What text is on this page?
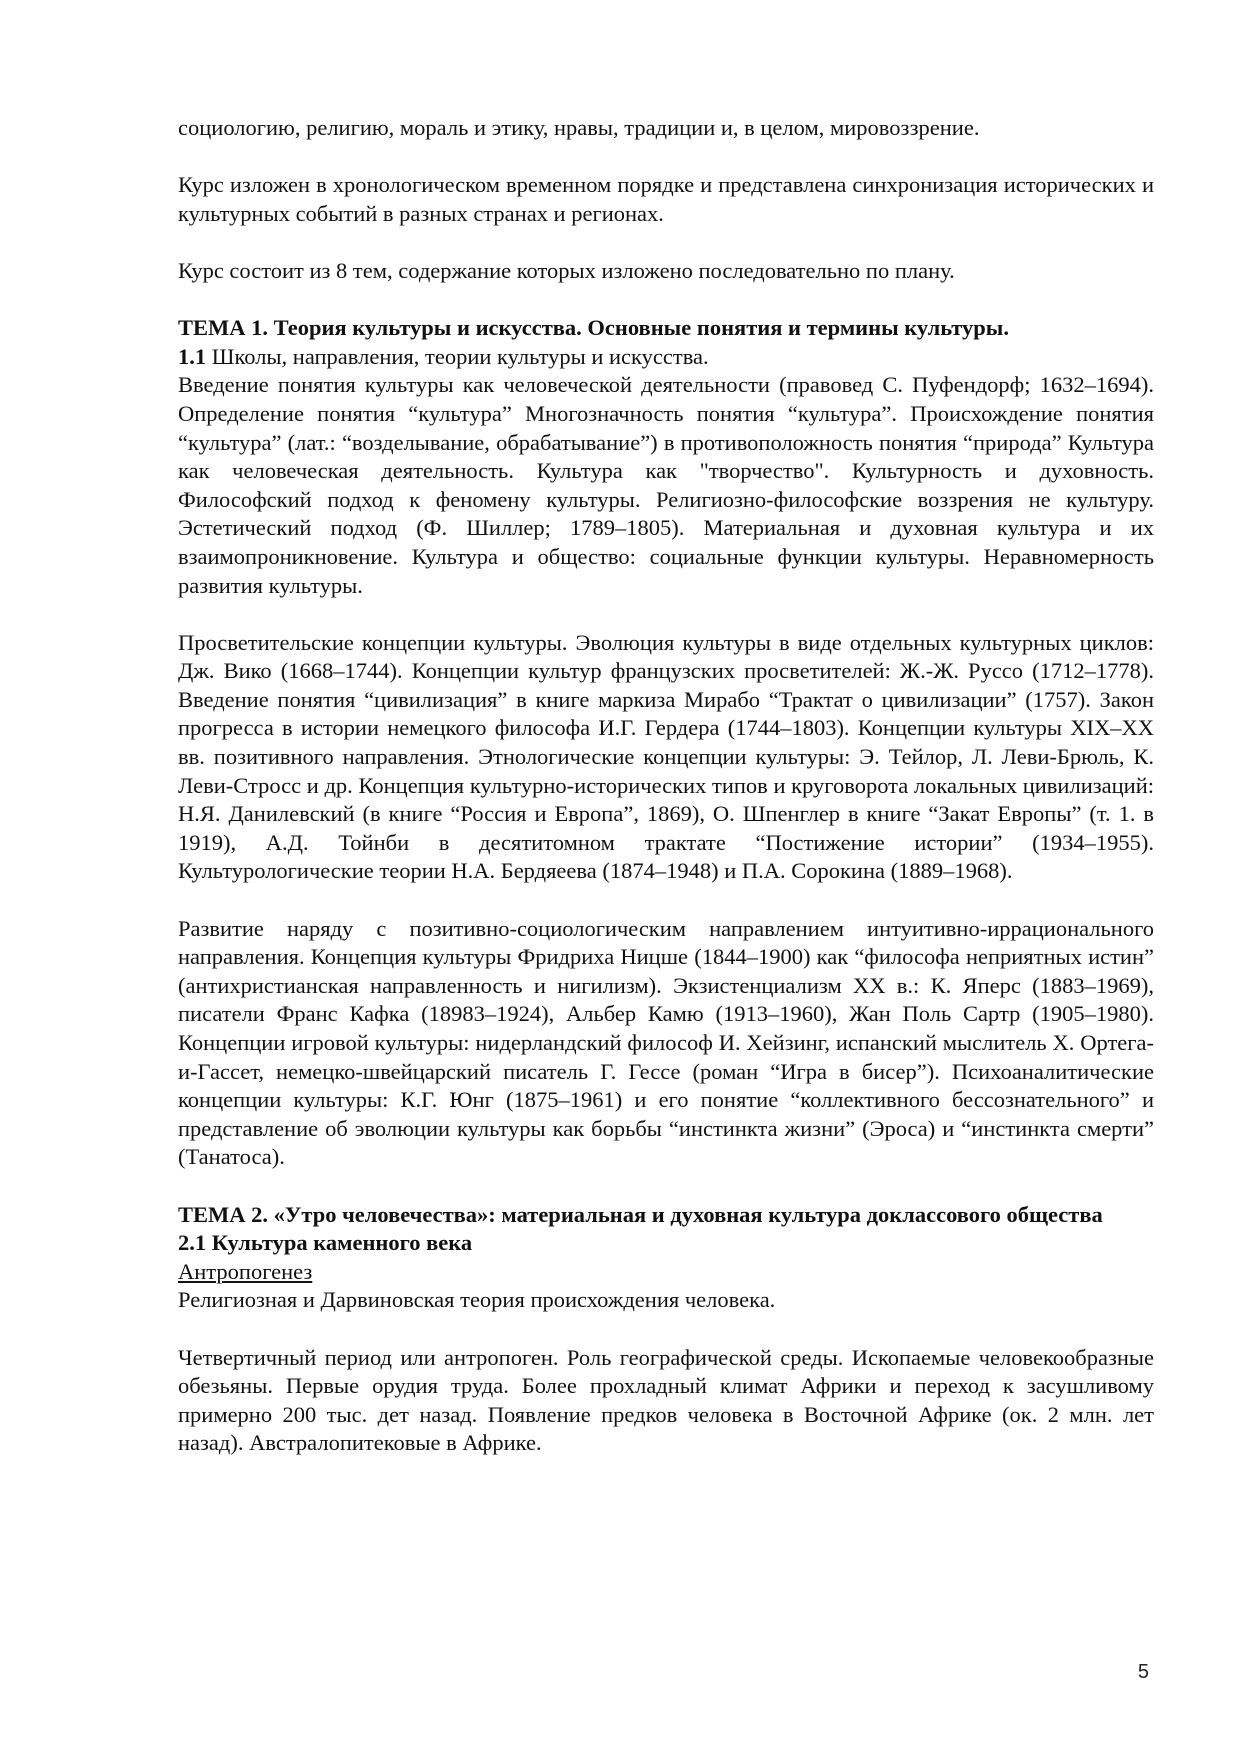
социологию, религию, мораль и этику, нравы, традиции и, в целом, мировоззрение.

Курс изложен в хронологическом временном порядке и представлена синхронизация исторических и культурных событий в разных странах и регионах.

Курс состоит из 8 тем, содержание которых изложено последовательно по плану.

ТЕМА 1. Теория культуры и искусства. Основные понятия и термины культуры.

1.1 Школы, направления, теории культуры и искусства.

Введение понятия культуры как человеческой деятельности (правовед С. Пуфендорф; 1632–1694). Определение понятия “культура” Многозначность понятия “культура”. Происхождение понятия “культура” (лат.: “возделывание, обрабатывание”) в противоположность понятия “природа” Культура как человеческая деятельность. Культура как "творчество". Культурность и духовность. Философский подход к феномену культуры. Религиозно-философские воззрения не культуру. Эстетический подход (Ф. Шиллер; 1789–1805). Материальная и духовная культура и их взаимопроникновение. Культура и общество: социальные функции культуры. Неравномерность развития культуры.

Просветительские концепции культуры. Эволюция культуры в виде отдельных культурных циклов: Дж. Вико (1668–1744). Концепции культур французских просветителей: Ж.-Ж. Руссо (1712–1778). Введение понятия “цивилизация” в книге маркиза Мирабо “Трактат о цивилизации” (1757). Закон прогресса в истории немецкого философа И.Г. Гердера (1744–1803). Концепции культуры XIX–XX вв. позитивного направления. Этнологические концепции культуры: Э. Тейлор, Л. Леви-Брюль, К. Леви-Стросс и др. Концепция культурно-исторических типов и круговорота локальных цивилизаций: Н.Я. Данилевский (в книге “Россия и Европа”, 1869), О. Шпенглер в книге “Закат Европы” (т. 1. в 1919), А.Д. Тойнби в десятитомном трактате “Постижение истории” (1934–1955). Культурологические теории Н.А. Бердяеева (1874–1948) и П.А. Сорокина (1889–1968).

Развитие наряду с позитивно-социологическим направлением интуитивно-иррационального направления. Концепция культуры Фридриха Ницше (1844–1900) как “философа неприятных истин” (антихристианская направленность и нигилизм). Экзистенциализм XX в.: К. Яперс (1883–1969), писатели Франс Кафка (18983–1924), Альбер Камю (1913–1960), Жан Поль Сартр (1905–1980). Концепции игровой культуры: нидерландский философ И. Хейзинг, испанский мыслитель Х. Ортега-и-Гассет, немецко-швейцарский писатель Г. Гессе (роман “Игра в бисер”). Психоаналитические концепции культуры: К.Г. Юнг (1875–1961) и его понятие “коллективного бессознательного” и представление об эволюции культуры как борьбы “инстинкта жизни” (Эроса) и “инстинкта смерти” (Танатоса).

ТЕМА 2. «Утро человечества»: материальная и духовная культура доклассового общества

2.1 Культура каменного века

Антропогенез

Религиозная и Дарвиновская теория происхождения человека.

Четвертичный период или антропоген. Роль географической среды. Ископаемые человекообразные обезьяны. Первые орудия труда. Более прохладный климат Африки и переход к засушливому примерно 200 тыс. дет назад. Появление предков человека в Восточной Африке (ок. 2 млн. лет назад). Австралопитековые в Африке.

5
